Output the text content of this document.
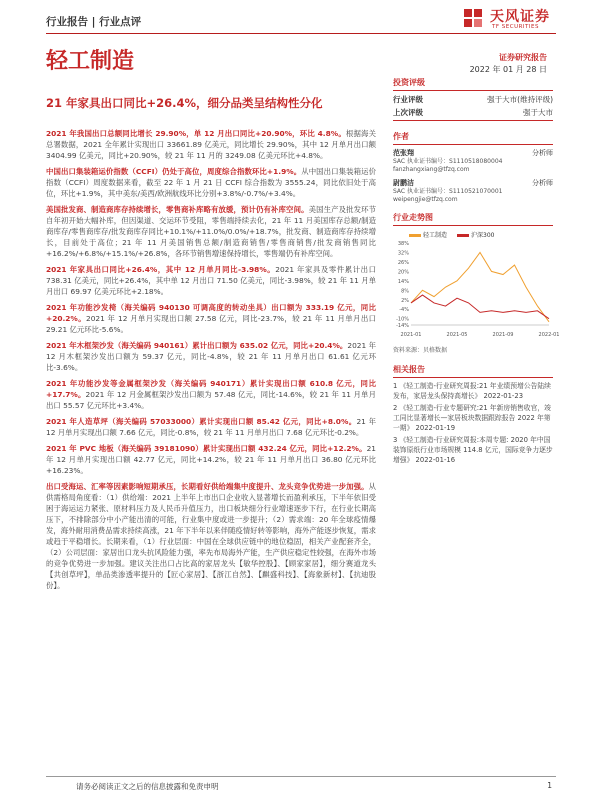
行业报告 | 行业点评	天风证券
TF SECURITIES
轻工制造	证券研究报告
2022 年 01 月 28 日
21 年家具出口同比+26.4%，细分品类呈结构性分化

2021 年我国出口总额同比增长 29.90%，单 12 月出口同比+20.90%，环比 4.8%。根据海关总署数据，2021 全年累计实现出口 33661.89 亿美元，同比增长 29.90%，其中 12 月单月出口额 3404.99 亿美元，同比+20.90%，较 21 年 11 月的 3249.08 亿美元环比+4.8%。

中国出口集装箱运价指数（CCFI）仍处于高位，周度综合指数环比+1.9%。从中国出口集装箱运价指数（CCFI）周度数据来看，截至 22 年 1 月 21 日 CCFI 综合指数为 3555.24，同比依旧处于高位，环比+1.9%，其中美东/美西/欧洲航线环比分别+3.8%/-0.7%/+3.4%。

美国批发商、制造商库存持续增长，零售商补库略有放缓，预计仍有补库空间。美国生产及批发环节自年初开始大幅补库，但因渠道、交运环节受阻，零售端持续去化，21 年 11 月美国库存总额/制造商库存/零售商库存/批发商库存同比+10.1%/+11.0%/0.0%/+18.7%，批发商、制造商库存持续增长，目前处于高位；21 年 11 月美国销售总额/制造商销售/零售商销售/批发商销售同比+16.2%/+6.8%/+15.1%/+26.8%，各环节销售增速保持增长，零售端仍有补库空间。

2021 年家具出口同比+26.4%，其中 12 月单月同比-3.98%。2021 年家具及零件累计出口 738.31 亿美元，同比+26.4%，其中单 12 月出口 71.50 亿美元，同比-3.98%，较 21 年 11 月单月出口 69.97 亿美元环比+2.18%。

2021 年功能沙发椅（海关编码 940130 可调高度的转动坐具）出口额为 333.19 亿元，同比+20.2%。2021 年 12 月单月实现出口额 27.58 亿元，同比-23.7%，较 21 年 11 月单月出口 29.21 亿元环比-5.6%。

2021 年木框架沙发（海关编码 940161）累计出口额为 635.02 亿元，同比+20.4%。2021 年 12 月木框架沙发出口额为 59.37 亿元，同比-4.8%，较 21 年 11 月单月出口 61.61 亿元环比-3.6%。

2021 年功能沙发等金属框架沙发（海关编码 940171）累计实现出口额 610.8 亿元，同比+17.7%。2021 年 12 月金属框架沙发出口额为 57.48 亿元，同比-14.6%，较 21 年 11 月单月出口 55.57 亿元环比+3.4%。

2021 年人造草坪（海关编码 57033000）累计实现出口额 85.42 亿元，同比+8.0%。21 年 12 月单月实现出口额 7.66 亿元，同比-0.8%，较 21 年 11 月单月出口 7.68 亿元环比-0.2%。

2021 年 PVC 地板（海关编码 39181090）累计实现出口额 432.24 亿元，同比+12.2%。21 年 12 月单月实现出口额 42.77 亿元，同比+14.2%，较 21 年 11 月单月出口 36.80 亿元环比+16.23%。

出口受海运、汇率等因素影响短期承压，长期看好供给端集中度提升、龙头竞争优势进一步加强。从供需格局角度看：（1）供给端：2021 上半年上市出口企业收入显著增长而盈利承压，下半年依旧受困于海运运力紧张、原材料压力及人民币升值压力，出口板块细分行业增速逐步下行，在行业长期高压下，不排除部分中小产能出清的可能，行业集中度或进一步提升；（2）需求端：20 年全球疫情爆发，海外耐用消费品需求持续高涨，21 年下半年以来伴随疫情好转等影响，海外产能逐步恢复，需求或趋于平稳增长。长期来看，（1）行业层面：中国在全球供应链中的地位稳固，相关产业配套齐全，（2）公司层面：家居出口龙头抗风险能力强，率先布局海外产能，生产供应稳定性较强，在海外市场的竞争优势进一步加强。建议关注出口占比高的家居龙头【敏华控股】、【顾家家居】，细分赛道龙头【共创草坪】，单品类渗透率提升的【匠心家居】、【浙江自然】、【麒盛科技】、【海象新材】、【抗迪股份】。

投资评级
行业评级	强于大市(维持评级)
上次评级	强于大市
作者
范张翔	分析师
SAC 执业证书编号：S1110518080004
fanzhangxiang@tfzq.com
尉鹏洁	分析师
SAC 执业证书编号：S1110521070001
weipengjie@tfzq.com
行业走势图
轻工制造	沪深300
38%
32%
26%
20%
14%
8%
2%
-4%
-10%
-14%
2021-01	2021-05	2021-09	2022-01
资料来源：贝格数据
相关报告
1 《轻工制造-行业研究周报:21 年业绩预增公告陆续发布，家居龙头保持高增长》 2022-01-23
2 《轻工制造-行业专题研究:21 年新房销售收官，竣工同比显著增长—家居板块数据跟踪报告 2022 年第一期》 2022-01-19
3 《轻工制造-行业研究周报:本周专题: 2020 年中国装饰原纸行业市场规模 114.8 亿元，国际竞争力逐步增强》 2022-01-16
请务必阅读正文之后的信息披露和免责申明	1
